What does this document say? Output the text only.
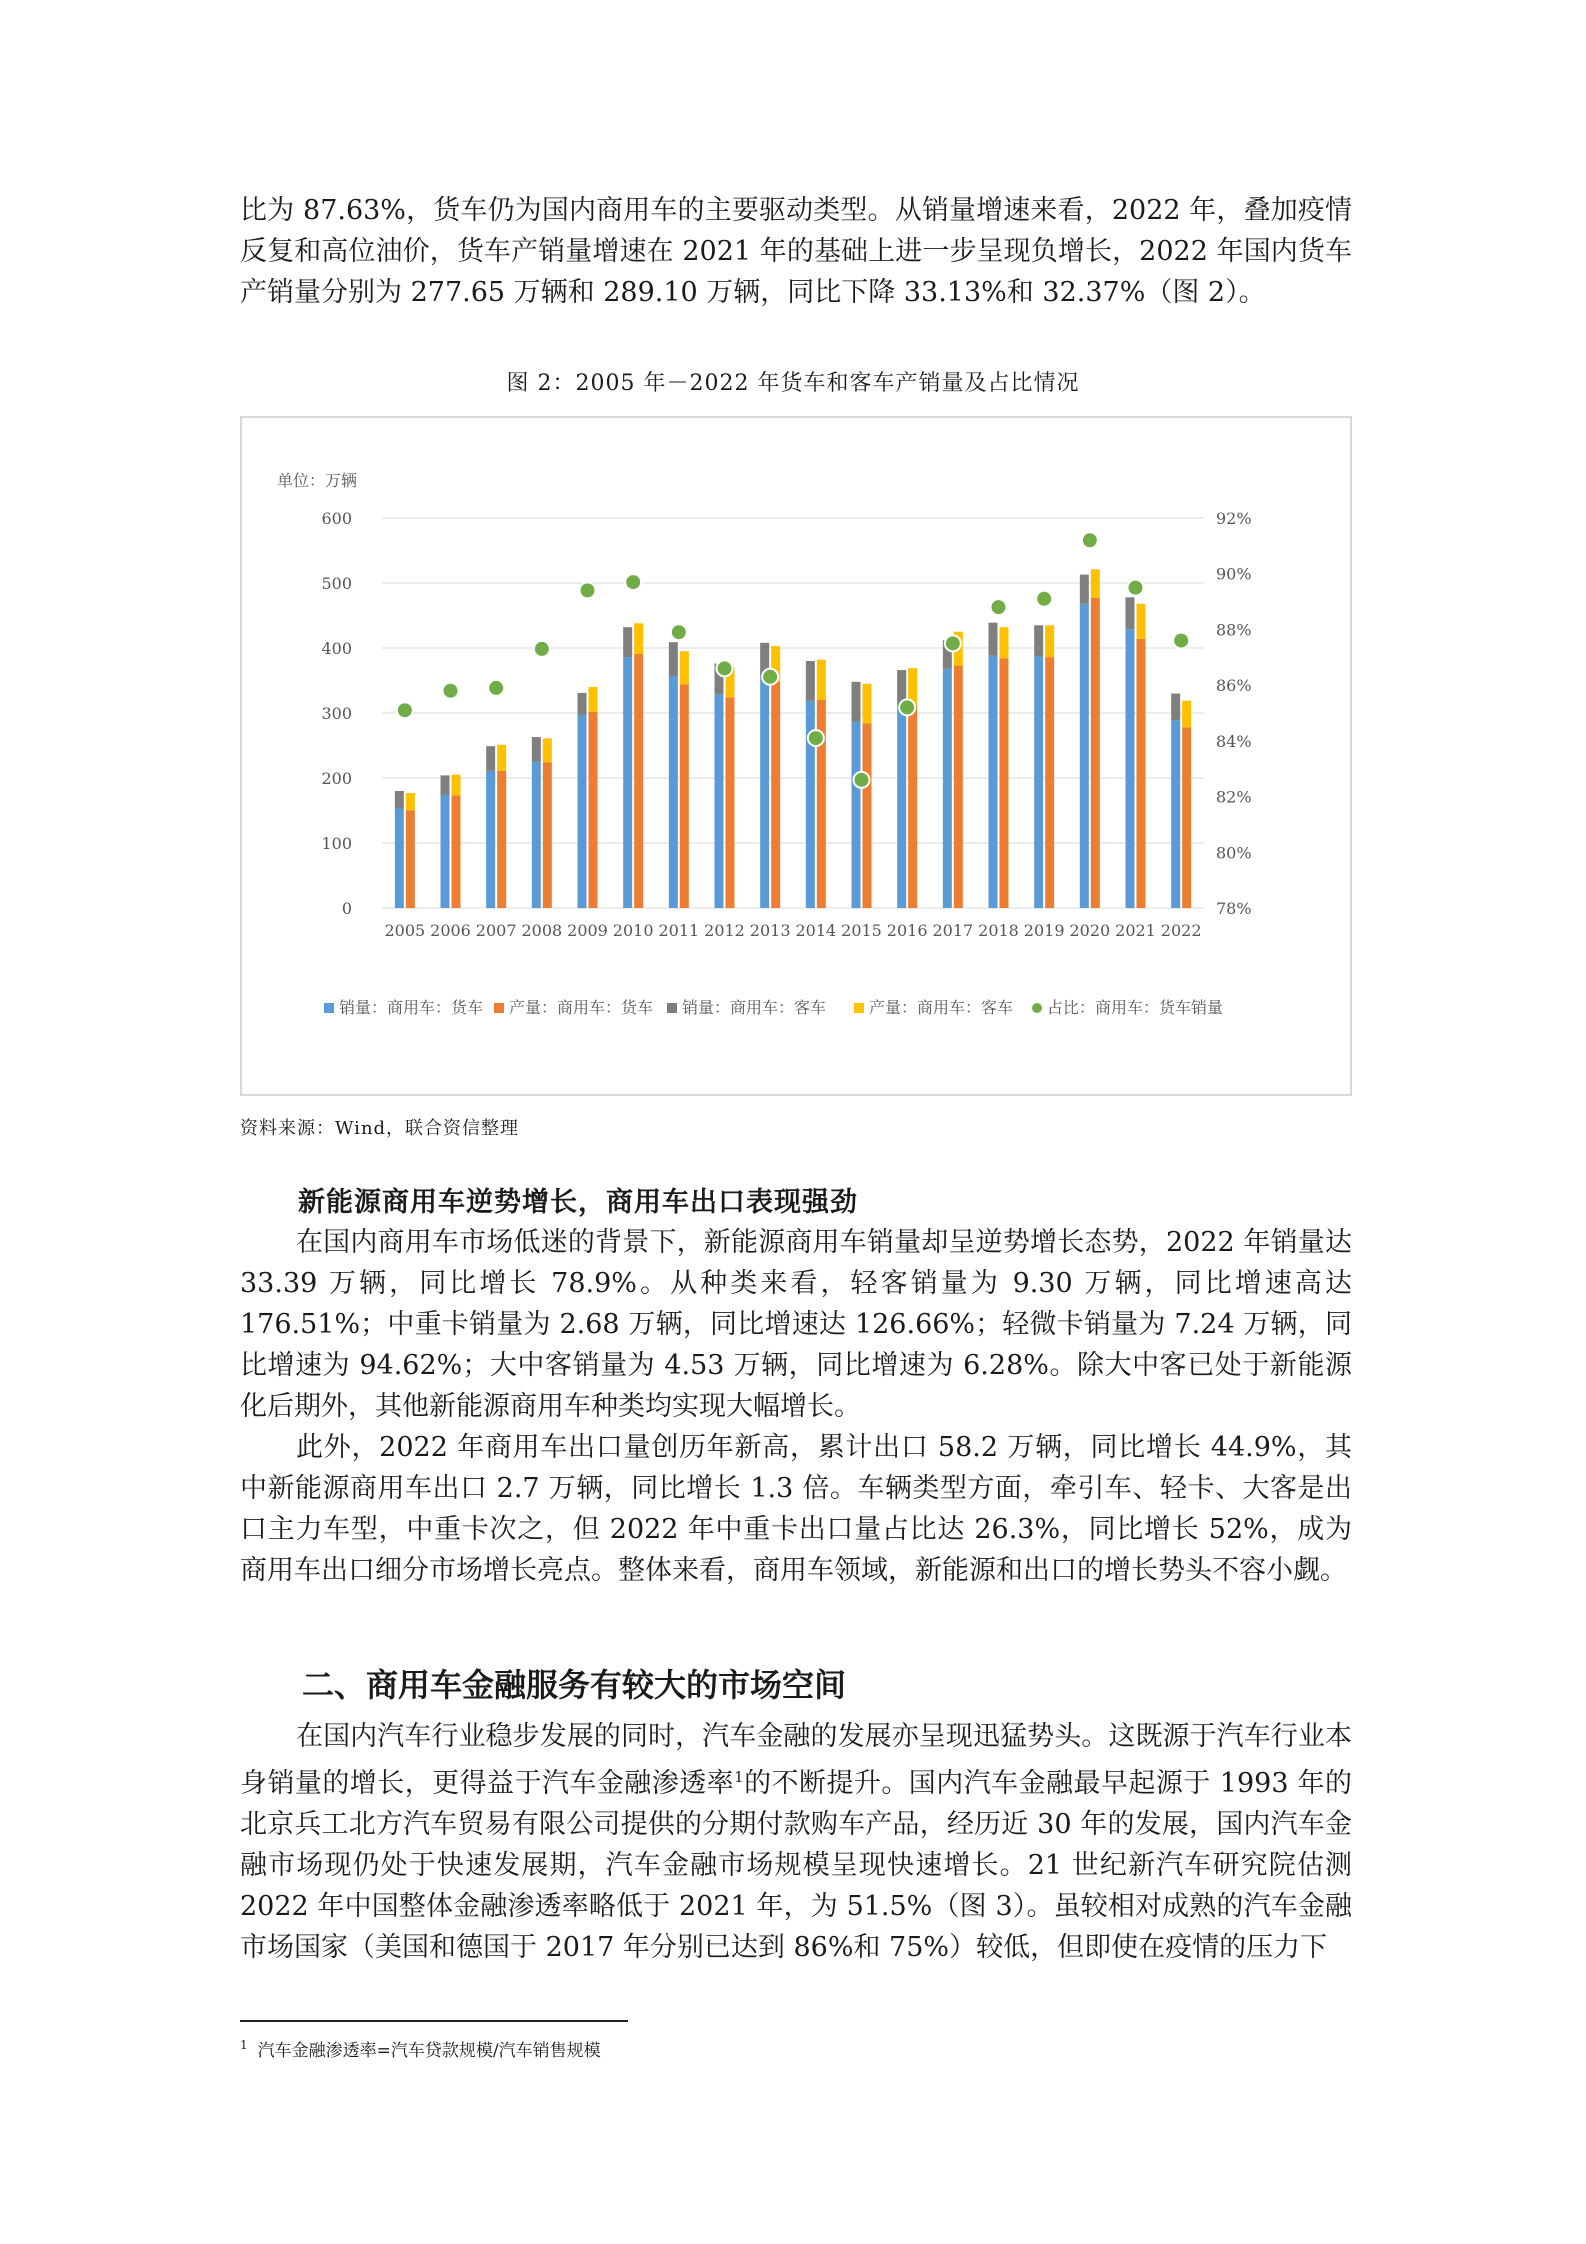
比为 87.63%，货车仍为国内商用车的主要驱动类型。从销量增速来看，2022 年，叠加疫情反复和高位油价，货车产销量增速在 2021 年的基础上进一步呈现负增长，2022 年国内货车产销量分别为 277.65 万辆和 289.10 万辆，同比下降 33.13%和 32.37%（图 2）。

图 2：2005 年－2022 年货车和客车产销量及占比情况
单位：万辆
0
100
200
300
400
500
600
78%
80%
82%
84%
86%
88%
90%
92%
2005 2006 2007 2008 2009 2010 2011 2012 2013 2014 2015 2016 2017 2018 2019 2020 2021 2022
销量：商用车：货车 产量：商用车：货车 销量：商用车：客车	产量：商用车：客车 占比：商用车：货车销量
资料来源：Wind，联合资信整理
新能源商用车逆势增长，商用车出口表现强劲

在国内商用车市场低迷的背景下，新能源商用车销量却呈逆势增长态势，2022 年销量达 33.39 万辆，同比增长 78.9%。从种类来看，轻客销量为 9.30 万辆，同比增速高达 176.51%；中重卡销量为 2.68 万辆，同比增速达 126.66%；轻微卡销量为 7.24 万辆，同比增速为 94.62%；大中客销量为 4.53 万辆，同比增速为 6.28%。除大中客已处于新能源化后期外，其他新能源商用车种类均实现大幅增长。

此外，2022 年商用车出口量创历年新高，累计出口 58.2 万辆，同比增长 44.9%，其中新能源商用车出口 2.7 万辆，同比增长 1.3 倍。车辆类型方面，牵引车、轻卡、大客是出口主力车型，中重卡次之，但 2022 年中重卡出口量占比达 26.3%，同比增长 52%，成为商用车出口细分市场增长亮点。整体来看，商用车领域，新能源和出口的增长势头不容小觑。

二、商用车金融服务有较大的市场空间

在国内汽车行业稳步发展的同时，汽车金融的发展亦呈现迅猛势头。这既源于汽车行业本身销量的增长，更得益于汽车金融渗透率$^1$的不断提升。国内汽车金融最早起源于 1993 年的北京兵工北方汽车贸易有限公司提供的分期付款购车产品，经历近 30 年的发展，国内汽车金融市场现仍处于快速发展期，汽车金融市场规模呈现快速增长。21 世纪新汽车研究院估测 2022 年中国整体金融渗透率略低于 2021 年，为 51.5%（图 3）。虽较相对成熟的汽车金融市场国家（美国和德国于 2017 年分别已达到 86%和 75%）较低，但即使在疫情的压力下

$^1$ 汽车金融渗透率=汽车贷款规模/汽车销售规模
